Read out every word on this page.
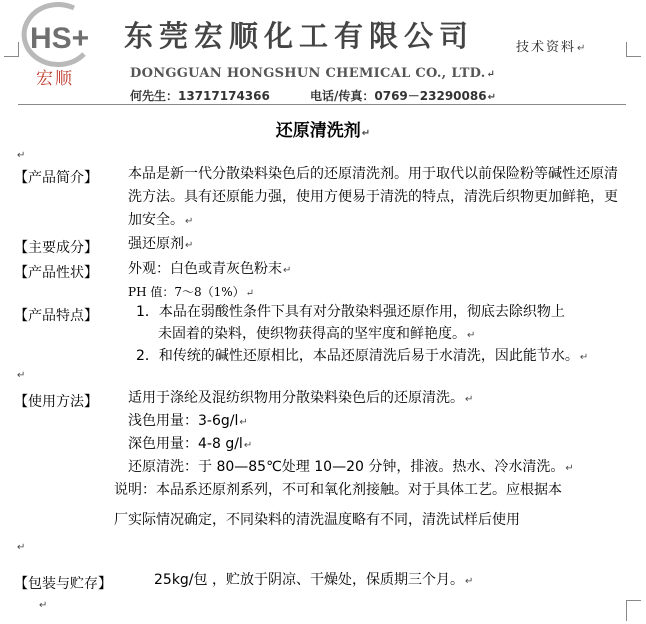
HS+
宏顺
东莞宏顺化工有限公司	技术资料↵
DONGGUAN HONGSHUN CHEMICAL CO., LTD.↵
何先生：13717174366	电话/传真：0769－23290086↵
还原清洗剂↵
↵
【产品简介】 本品是新一代分散染料染色后的还原清洗剂。用于取代以前保险粉等碱性还原清洗方法。具有还原能力强，使用方便易于清洗的特点，清洗后织物更加鲜艳，更加安全。↵
【主要成分】 强还原剂↵
【产品性状】 外观：白色或青灰色粉末↵
PH 值：7～8（1%）↵
【产品特点】	1．本品在弱酸性条件下具有对分散染料强还原作用，彻底去除织物上
未固着的染料，使织物获得高的坚牢度和鲜艳度。↵
2．和传统的碱性还原相比，本品还原清洗后易于水清洗，因此能节水。↵
↵
【使用方法】 适用于涤纶及混纺织物用分散染料染色后的还原清洗。↵
浅色用量：3-6g/l↵
深色用量：4-8 g/l↵
还原清洗：于 80—85℃处理 10—20 分钟，排液。热水、冷水清洗。↵
说明：本品系还原剂系列，不可和氧化剂接触。对于具体工艺。应根据本
厂实际情况确定，不同染料的清洗温度略有不同，清洗试样后使用
↵
【包装与贮存】	25kg/包 ，贮放于阴凉、干燥处，保质期三个月。↵
↵
